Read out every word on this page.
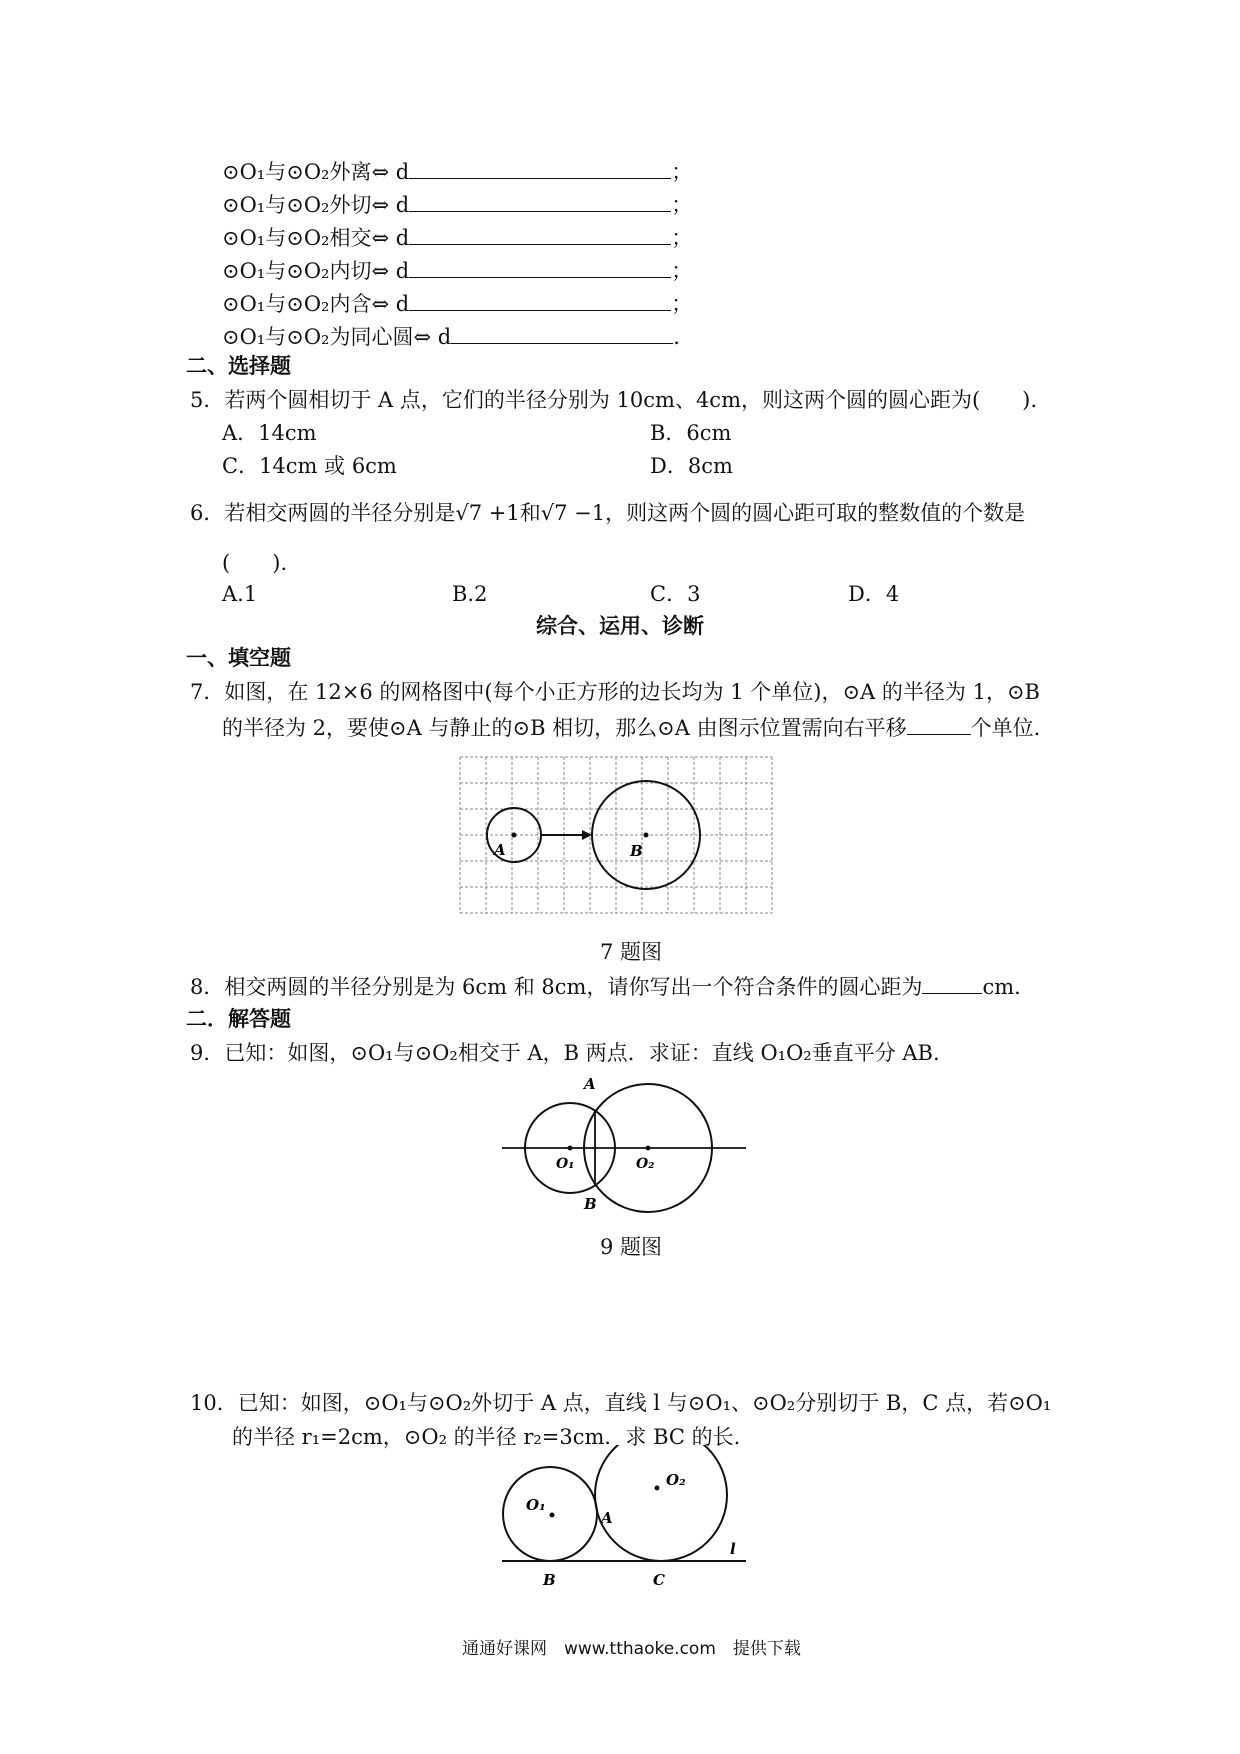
⊙O₁与⊙O₂外离⇔ d	；
⊙O₁与⊙O₂外切⇔ d	；
⊙O₁与⊙O₂相交⇔ d	；
⊙O₁与⊙O₂内切⇔ d	；
⊙O₁与⊙O₂内含⇔ d	；
⊙O₁与⊙O₂为同心圆⇔ d	.
二、选择题
5．若两个圆相切于 A 点，它们的半径分别为 10cm、4cm，则这两个圆的圆心距为(　　).
A．14cm	B．6cm
C．14cm 或 6cm	D．8cm
6．若相交两圆的半径分别是√7 +1和√7 −1，则这两个圆的圆心距可取的整数值的个数是
(　　).
A.1	B.2	C．3	D．4
综合、运用、诊断
一、填空题
7．如图，在 12×6 的网格图中(每个小正方形的边长均为 1 个单位)，⊙A 的半径为 1，⊙B
的半径为 2，要使⊙A 与静止的⊙B 相切，那么⊙A 由图示位置需向右平移	个单位.
A	B
7 题图
8．相交两圆的半径分别是为 6cm 和 8cm，请你写出一个符合条件的圆心距为	cm.
二．解答题
9．已知：如图，⊙O₁与⊙O₂相交于 A，B 两点．求证：直线 O₁O₂垂直平分 AB.
A
B
O₁	O₂
9 题图
10．已知：如图，⊙O₁与⊙O₂外切于 A 点，直线 l 与⊙O₁、⊙O₂分别切于 B，C 点，若⊙O₁
的半径 r₁=2cm，⊙O₂ 的半径 r₂=3cm．求 BC 的长.
O₁
O₂
A
B	C
l
通通好课网　www.tthaoke.com　提供下载
